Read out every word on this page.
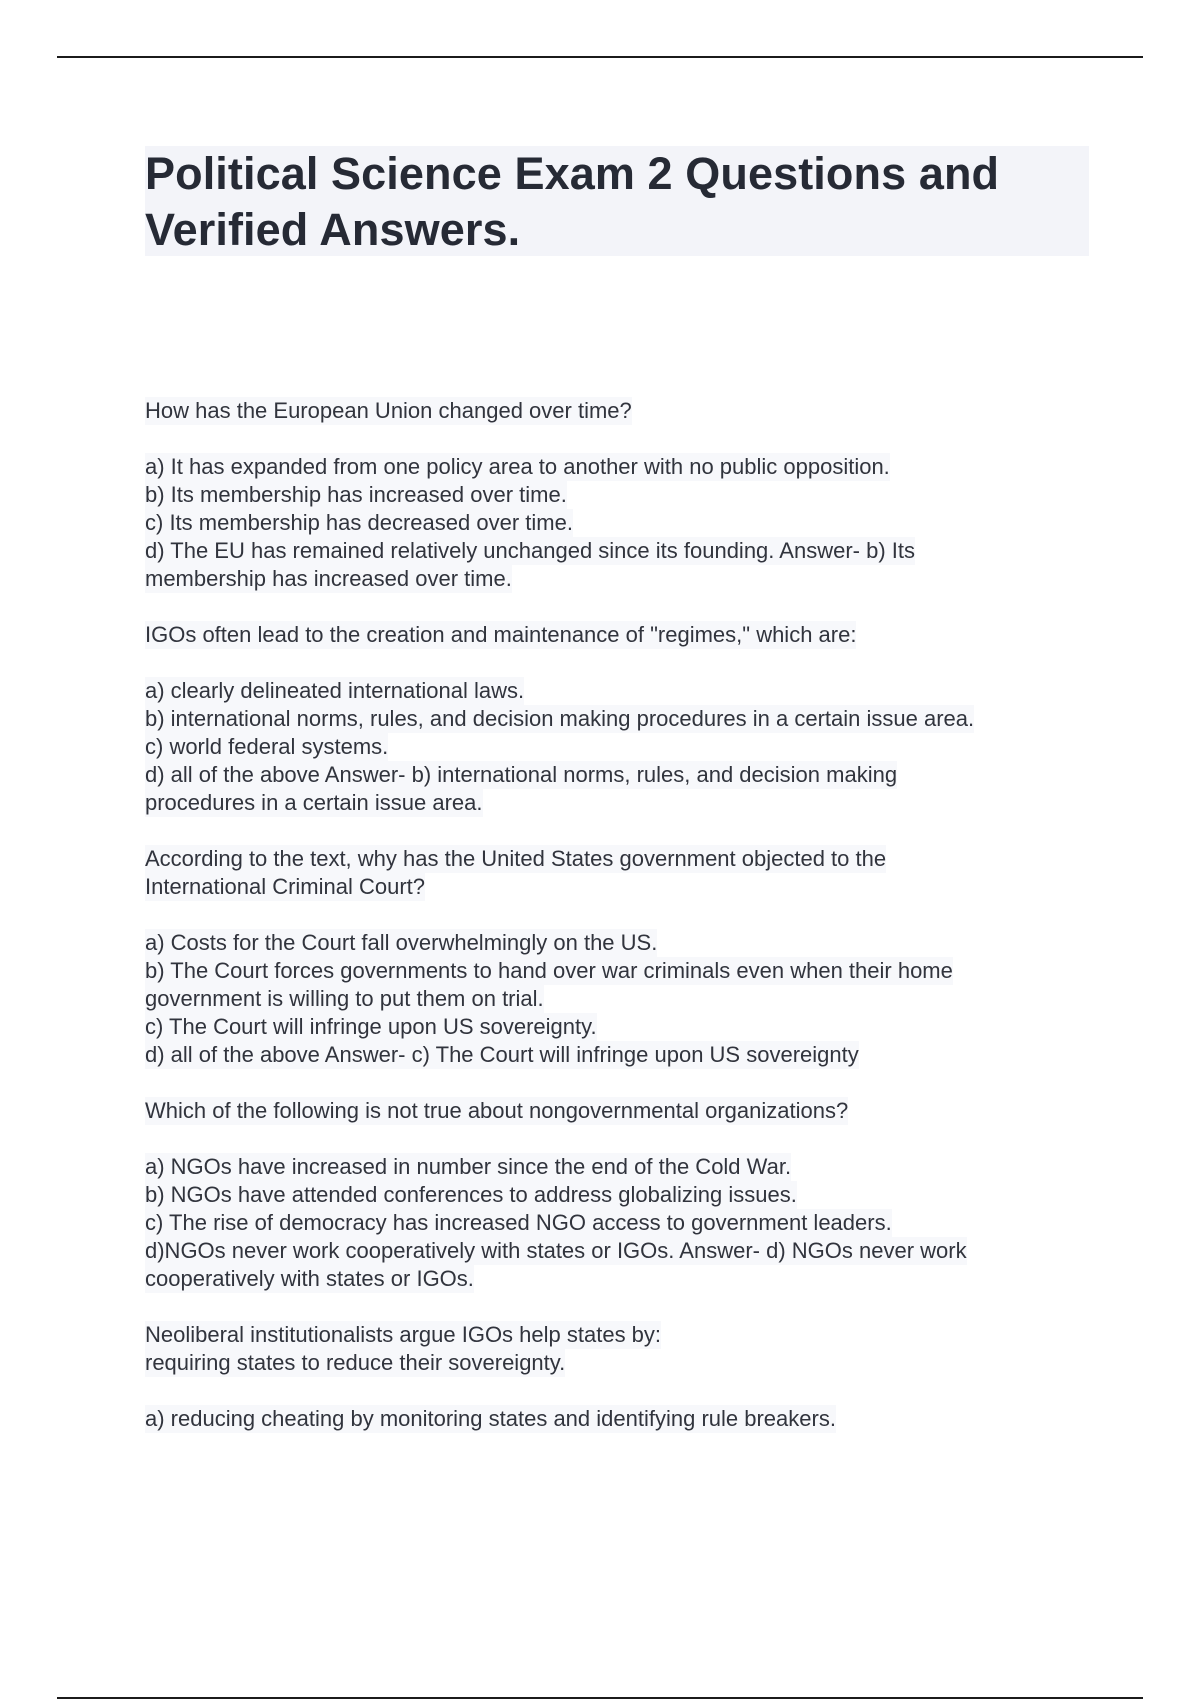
Political Science Exam 2 Questions and
Verified Answers.
How has the European Union changed over time?
a) It has expanded from one policy area to another with no public opposition.
b) Its membership has increased over time.
c) Its membership has decreased over time.
d) The EU has remained relatively unchanged since its founding. Answer- b) Its
membership has increased over time.
IGOs often lead to the creation and maintenance of "regimes," which are:
a) clearly delineated international laws.
b) international norms, rules, and decision making procedures in a certain issue area.
c) world federal systems.
d) all of the above Answer- b) international norms, rules, and decision making
procedures in a certain issue area.
According to the text, why has the United States government objected to the
International Criminal Court?
a) Costs for the Court fall overwhelmingly on the US.
b) The Court forces governments to hand over war criminals even when their home
government is willing to put them on trial.
c) The Court will infringe upon US sovereignty.
d) all of the above Answer- c) The Court will infringe upon US sovereignty
Which of the following is not true about nongovernmental organizations?
a) NGOs have increased in number since the end of the Cold War.
b) NGOs have attended conferences to address globalizing issues.
c) The rise of democracy has increased NGO access to government leaders.
d)NGOs never work cooperatively with states or IGOs. Answer- d) NGOs never work
cooperatively with states or IGOs.
Neoliberal institutionalists argue IGOs help states by:
requiring states to reduce their sovereignty.
a) reducing cheating by monitoring states and identifying rule breakers.
